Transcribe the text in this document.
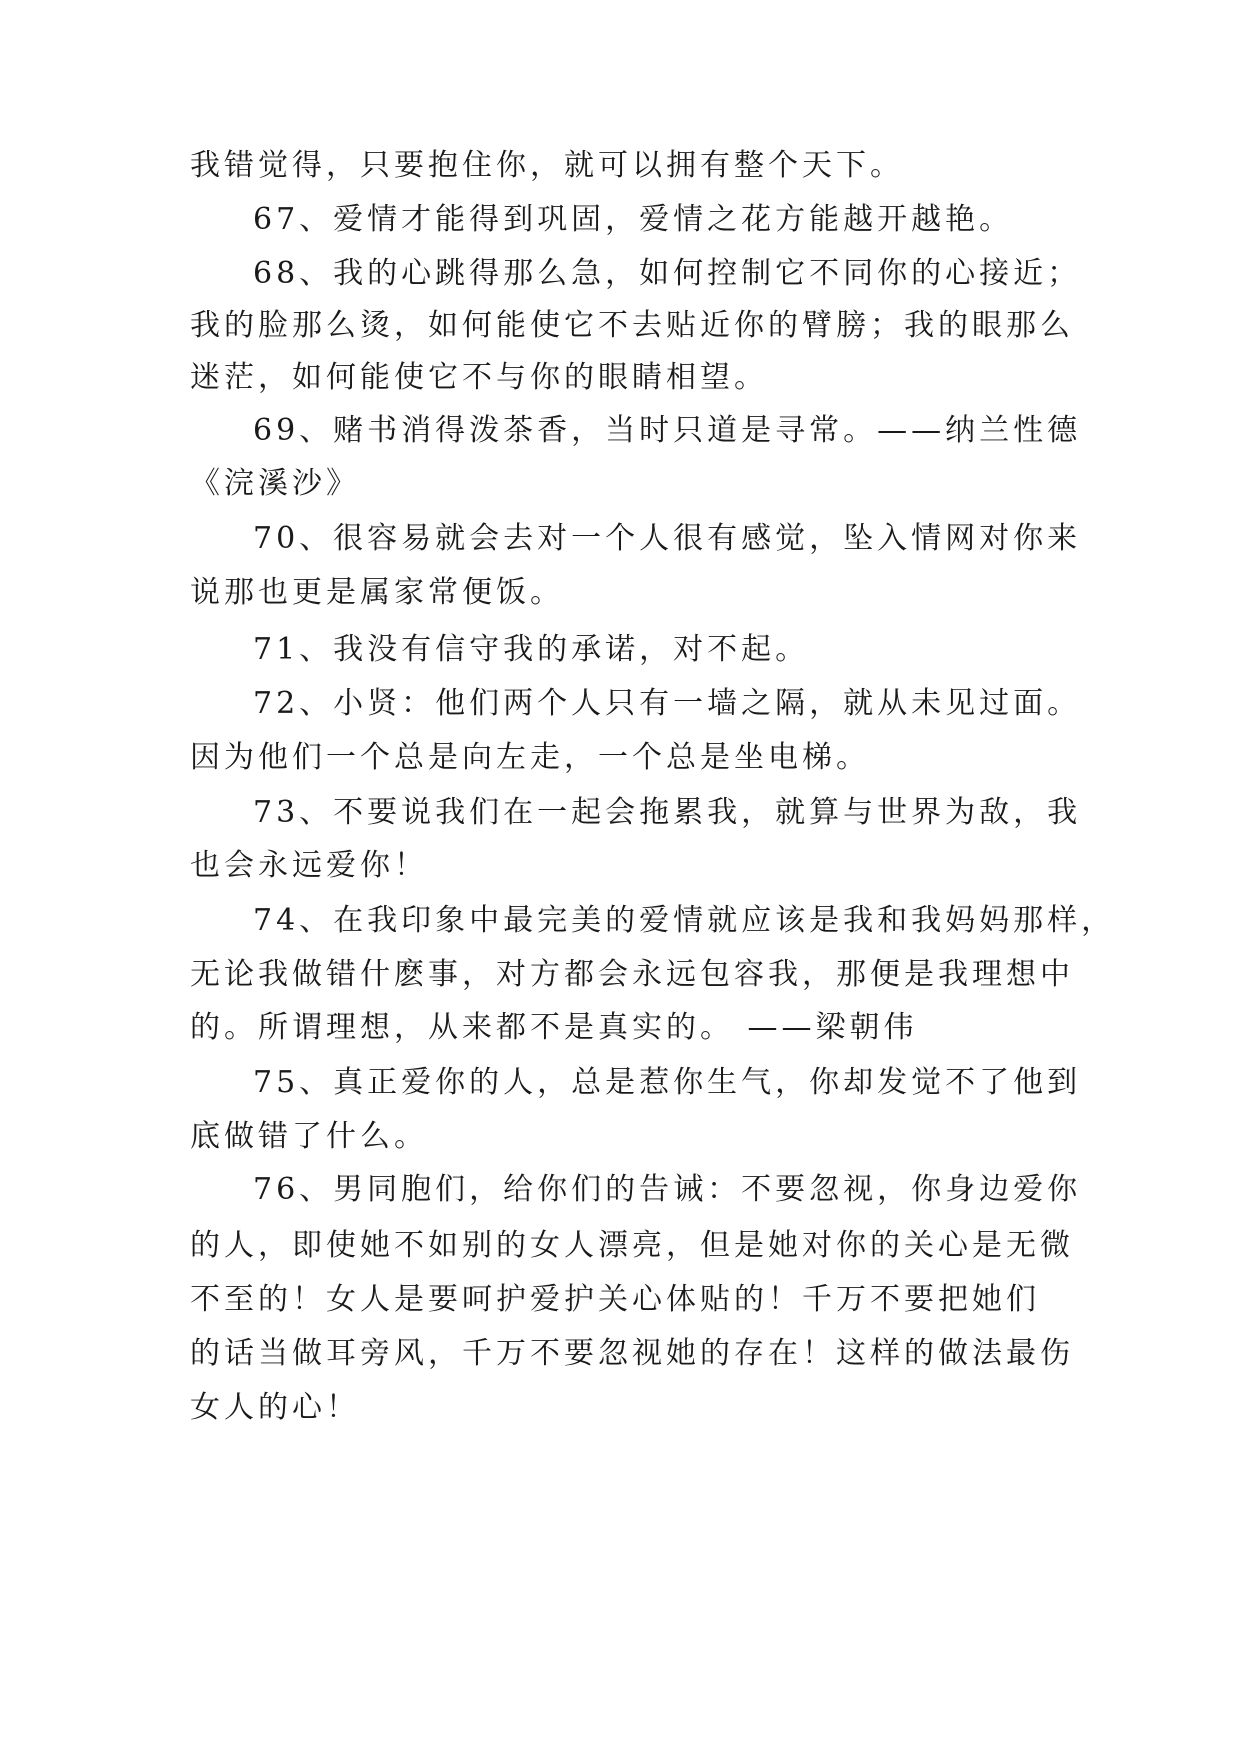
我错觉得，只要抱住你，就可以拥有整个天下。
67、爱情才能得到巩固，爱情之花方能越开越艳。
68、我的心跳得那么急，如何控制它不同你的心接近；
我的脸那么烫，如何能使它不去贴近你的臂膀；我的眼那么
迷茫，如何能使它不与你的眼睛相望。
69、赌书消得泼茶香，当时只道是寻常。——纳兰性德
《浣溪沙》
70、很容易就会去对一个人很有感觉，坠入情网对你来
说那也更是属家常便饭。
71、我没有信守我的承诺，对不起。
72、小贤：他们两个人只有一墙之隔，就从未见过面。
因为他们一个总是向左走，一个总是坐电梯。
73、不要说我们在一起会拖累我，就算与世界为敌，我
也会永远爱你！
74、在我印象中最完美的爱情就应该是我和我妈妈那样，
无论我做错什麽事，对方都会永远包容我，那便是我理想中
的。所谓理想，从来都不是真实的。 ——梁朝伟
75、真正爱你的人，总是惹你生气，你却发觉不了他到
底做错了什么。
76、男同胞们，给你们的告诫：不要忽视，你身边爱你
的人，即使她不如别的女人漂亮，但是她对你的关心是无微
不至的！女人是要呵护爱护关心体贴的！千万不要把她们
的话当做耳旁风，千万不要忽视她的存在！这样的做法最伤
女人的心！
